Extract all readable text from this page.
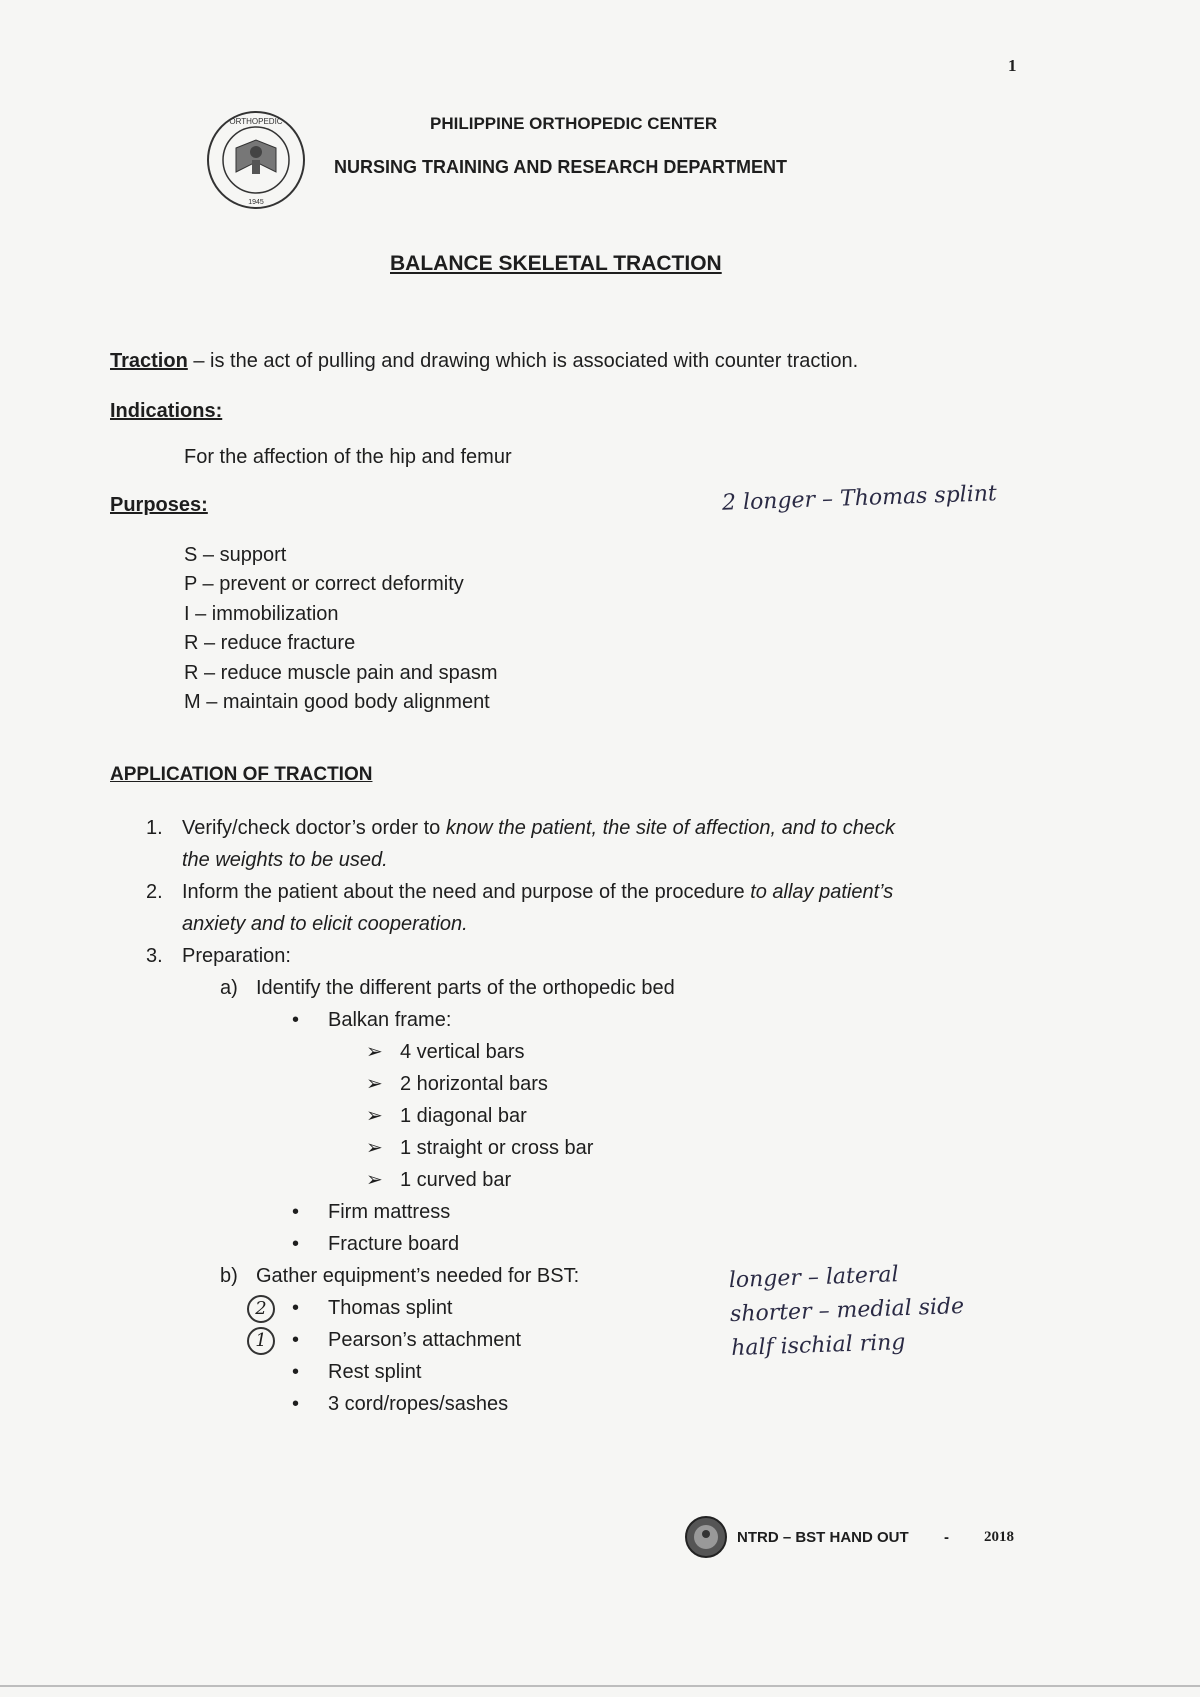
1
ORTHOPEDIC
1945
PHILIPPINE ORTHOPEDIC CENTER
NURSING TRAINING AND RESEARCH DEPARTMENT
BALANCE SKELETAL TRACTION
Traction – is the act of pulling and drawing which is associated with counter traction.
Indications:
For the affection of the hip and femur
Purposes:	2 longer – Thomas splint
S – support
P – prevent or correct deformity
I – immobilization
R – reduce fracture
R – reduce muscle pain and spasm
M – maintain good body alignment
APPLICATION OF TRACTION
1. Verify/check doctor’s order to know the patient, the site of affection, and to check
the weights to be used.
2. Inform the patient about the need and purpose of the procedure to allay patient’s
anxiety and to elicit cooperation.
3. Preparation:
a) Identify the different parts of the orthopedic bed
• Balkan frame:
➢ 4 vertical bars
➢ 2 horizontal bars
➢ 1 diagonal bar
➢ 1 straight or cross bar
➢ 1 curved bar
• Firm mattress
• Fracture board
b) Gather equipment’s needed for BST:
2
1
• Thomas splint
• Pearson’s attachment
• Rest splint
• 3 cord/ropes/sashes
longer – lateral
shorter – medial side
half ischial ring
NTRD – BST HAND OUT - 2018
